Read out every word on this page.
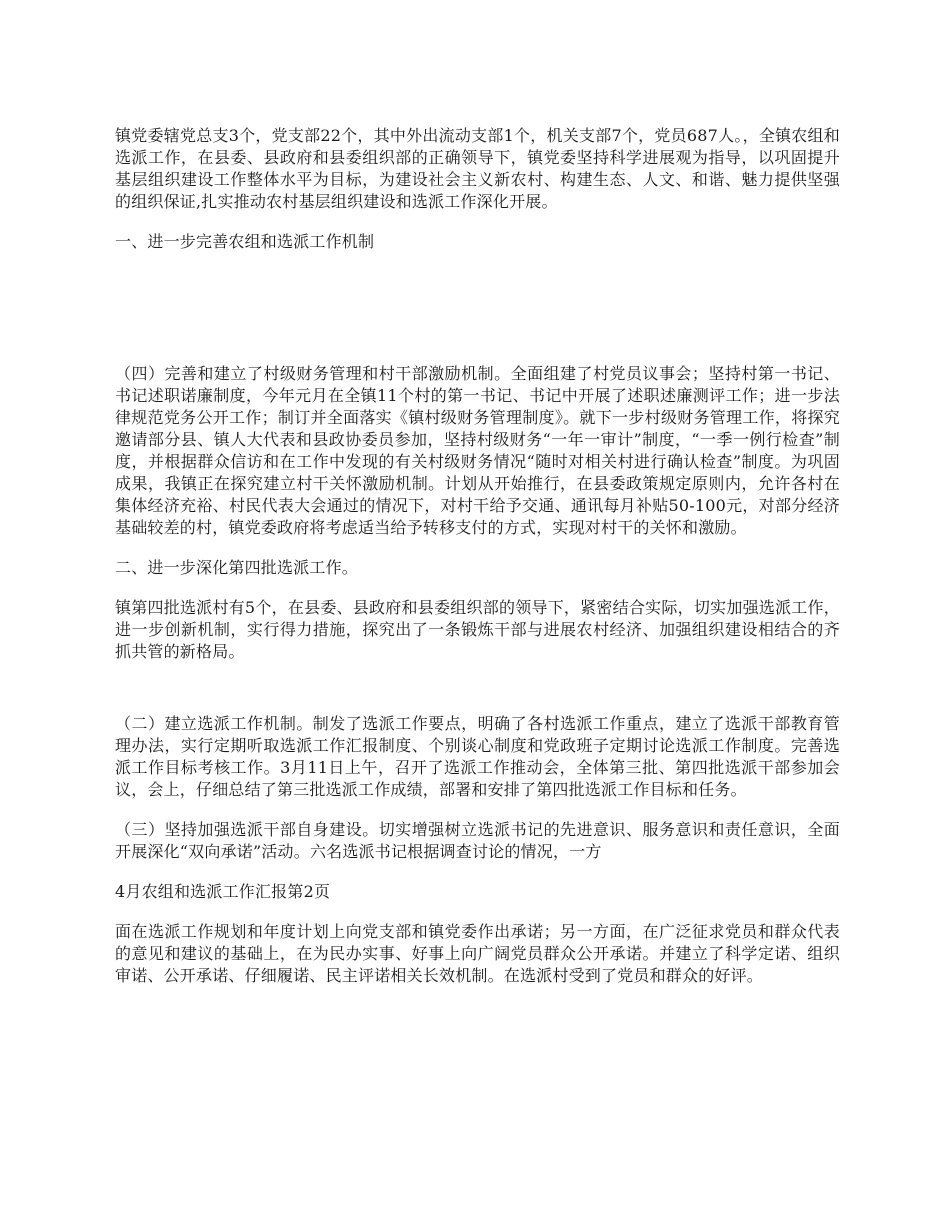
镇党委辖党总支3个，党支部22个，其中外出流动支部1个，机关支部7个，党员687人。，全镇农组和选派工作，在县委、县政府和县委组织部的正确领导下，镇党委坚持科学进展观为指导，以巩固提升基层组织建设工作整体水平为目标，为建设社会主义新农村、构建生态、人文、和谐、魅力提供坚强的组织保证,扎实推动农村基层组织建设和选派工作深化开展。

一、进一步完善农组和选派工作机制

（四）完善和建立了村级财务管理和村干部激励机制。全面组建了村党员议事会；坚持村第一书记、书记述职诺廉制度，今年元月在全镇11个村的第一书记、书记中开展了述职述廉测评工作；进一步法律规范党务公开工作；制订并全面落实《镇村级财务管理制度》。就下一步村级财务管理工作，将探究邀请部分县、镇人大代表和县政协委员参加，坚持村级财务“一年一审计”制度，“一季一例行检查”制度，并根据群众信访和在工作中发现的有关村级财务情况“随时对相关村进行确认检查”制度。为巩固成果，我镇正在探究建立村干关怀激励机制。计划从开始推行，在县委政策规定原则内，允许各村在集体经济充裕、村民代表大会通过的情况下，对村干给予交通、通讯每月补贴50-100元，对部分经济基础较差的村，镇党委政府将考虑适当给予转移支付的方式，实现对村干的关怀和激励。

二、进一步深化第四批选派工作。

镇第四批选派村有5个，在县委、县政府和县委组织部的领导下，紧密结合实际，切实加强选派工作，进一步创新机制，实行得力措施，探究出了一条锻炼干部与进展农村经济、加强组织建设相结合的齐抓共管的新格局。

（二）建立选派工作机制。制发了选派工作要点，明确了各村选派工作重点，建立了选派干部教育管理办法，实行定期听取选派工作汇报制度、个别谈心制度和党政班子定期讨论选派工作制度。完善选派工作目标考核工作。3月11日上午，召开了选派工作推动会，全体第三批、第四批选派干部参加会议，会上，仔细总结了第三批选派工作成绩，部署和安排了第四批选派工作目标和任务。

（三）坚持加强选派干部自身建设。切实增强树立选派书记的先进意识、服务意识和责任意识，全面开展深化“双向承诺”活动。六名选派书记根据调查讨论的情况，一方

4月农组和选派工作汇报第2页

面在选派工作规划和年度计划上向党支部和镇党委作出承诺；另一方面，在广泛征求党员和群众代表的意见和建议的基础上，在为民办实事、好事上向广阔党员群众公开承诺。并建立了科学定诺、组织审诺、公开承诺、仔细履诺、民主评诺相关长效机制。在选派村受到了党员和群众的好评。
